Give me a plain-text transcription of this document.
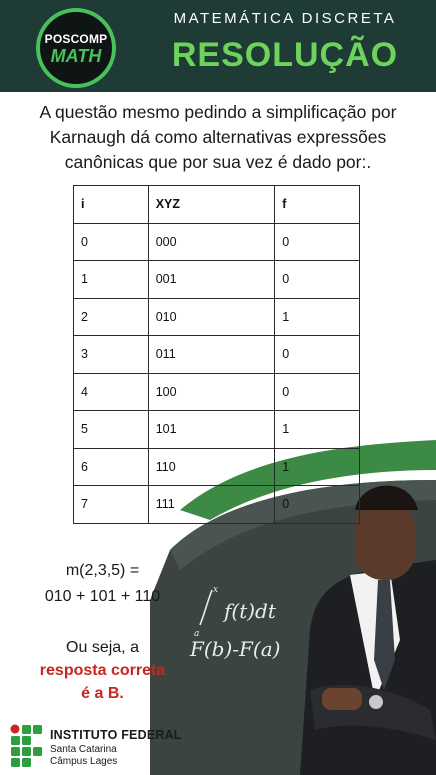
POSCOMP
MATH
MATEMÁTICA DISCRETA
RESOLUÇÃO
A questão mesmo pedindo a simplificação por Karnaugh dá como alternativas expressões canônicas que por sua vez é dado por:.
x
a
f(t)dt
F(b)-F(a)
i	XYZ	f
0	000	0
1	001	0
2	010	1
3	011	0
4	100	0
5	101	1
6	110	1
7	111	0
m(2,3,5) =
010 + 101 + 110
Ou seja, a
resposta correta
é a B.
INSTITUTO FEDERAL
Santa Catarina
Câmpus Lages
